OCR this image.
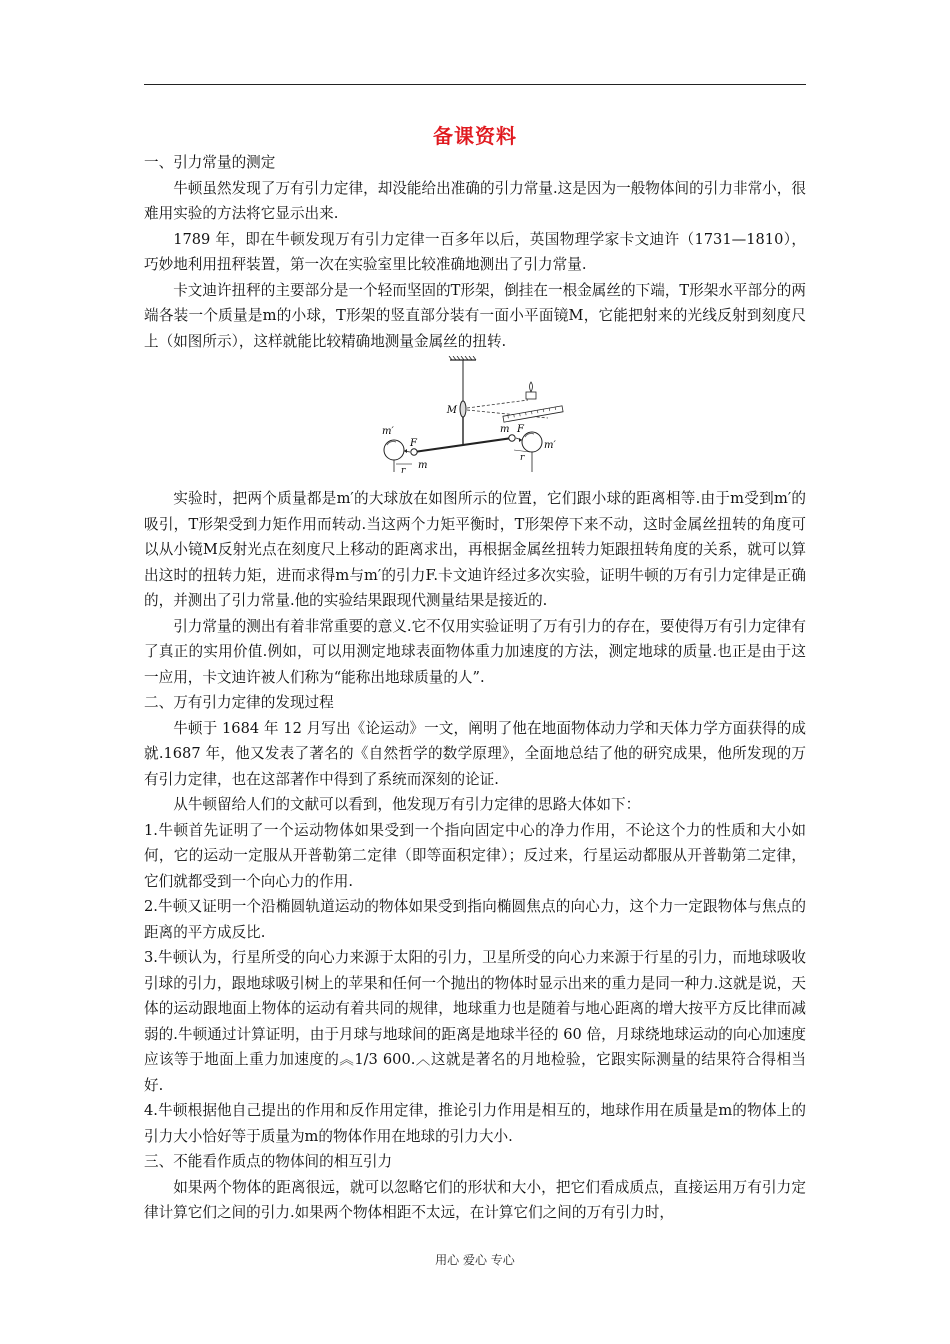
备课资料

一、引力常量的测定

牛顿虽然发现了万有引力定律，却没能给出准确的引力常量.这是因为一般物体间的引力非常小，很难用实验的方法将它显示出来.

1789 年，即在牛顿发现万有引力定律一百多年以后，英国物理学家卡文迪许（1731—1810），巧妙地利用扭秤装置，第一次在实验室里比较准确地测出了引力常量.

卡文迪许扭秤的主要部分是一个轻而坚固的T形架，倒挂在一根金属丝的下端，T形架水平部分的两端各装一个质量是m的小球，T形架的竖直部分装有一面小平面镜M，它能把射来的光线反射到刻度尺上（如图所示），这样就能比较精确地测量金属丝的扭转.

M
m′
m′
F
F
m
m
r
r

实验时，把两个质量都是m′的大球放在如图所示的位置，它们跟小球的距离相等.由于m受到m′的吸引，T形架受到力矩作用而转动.当这两个力矩平衡时，T形架停下来不动，这时金属丝扭转的角度可以从小镜M反射光点在刻度尺上移动的距离求出，再根据金属丝扭转力矩跟扭转角度的关系，就可以算出这时的扭转力矩，进而求得m与m′的引力F.卡文迪许经过多次实验，证明牛顿的万有引力定律是正确的，并测出了引力常量.他的实验结果跟现代测量结果是接近的.

引力常量的测出有着非常重要的意义.它不仅用实验证明了万有引力的存在，要使得万有引力定律有了真正的实用价值.例如，可以用测定地球表面物体重力加速度的方法，测定地球的质量.也正是由于这一应用，卡文迪许被人们称为“能称出地球质量的人”.

二、万有引力定律的发现过程

牛顿于 1684 年 12 月写出《论运动》一文，阐明了他在地面物体动力学和天体力学方面获得的成就.1687 年，他又发表了著名的《自然哲学的数学原理》，全面地总结了他的研究成果，他所发现的万有引力定律，也在这部著作中得到了系统而深刻的论证.

从牛顿留给人们的文献可以看到，他发现万有引力定律的思路大体如下：

1.牛顿首先证明了一个运动物体如果受到一个指向固定中心的净力作用，不论这个力的性质和大小如何，它的运动一定服从开普勒第二定律（即等面积定律）；反过来，行星运动都服从开普勒第二定律，它们就都受到一个向心力的作用.

2.牛顿又证明一个沿椭圆轨道运动的物体如果受到指向椭圆焦点的向心力，这个力一定跟物体与焦点的距离的平方成反比.

3.牛顿认为，行星所受的向心力来源于太阳的引力，卫星所受的向心力来源于行星的引力，而地球吸收引球的引力，跟地球吸引树上的苹果和任何一个抛出的物体时显示出来的重力是同一种力.这就是说，天体的运动跟地面上物体的运动有着共同的规律，地球重力也是随着与地心距离的增大按平方反比律而减弱的.牛顿通过计算证明，由于月球与地球间的距离是地球半径的 60 倍，月球绕地球运动的向心加速度应该等于地面上重力加速度的︽1/3 600.︿这就是著名的月地检验，它跟实际测量的结果符合得相当好.

4.牛顿根据他自己提出的作用和反作用定律，推论引力作用是相互的，地球作用在质量是m的物体上的引力大小恰好等于质量为m的物体作用在地球的引力大小.

三、不能看作质点的物体间的相互引力

如果两个物体的距离很远，就可以忽略它们的形状和大小，把它们看成质点，直接运用万有引力定律计算它们之间的引力.如果两个物体相距不太远，在计算它们之间的万有引力时，

用心 爱心 专心
